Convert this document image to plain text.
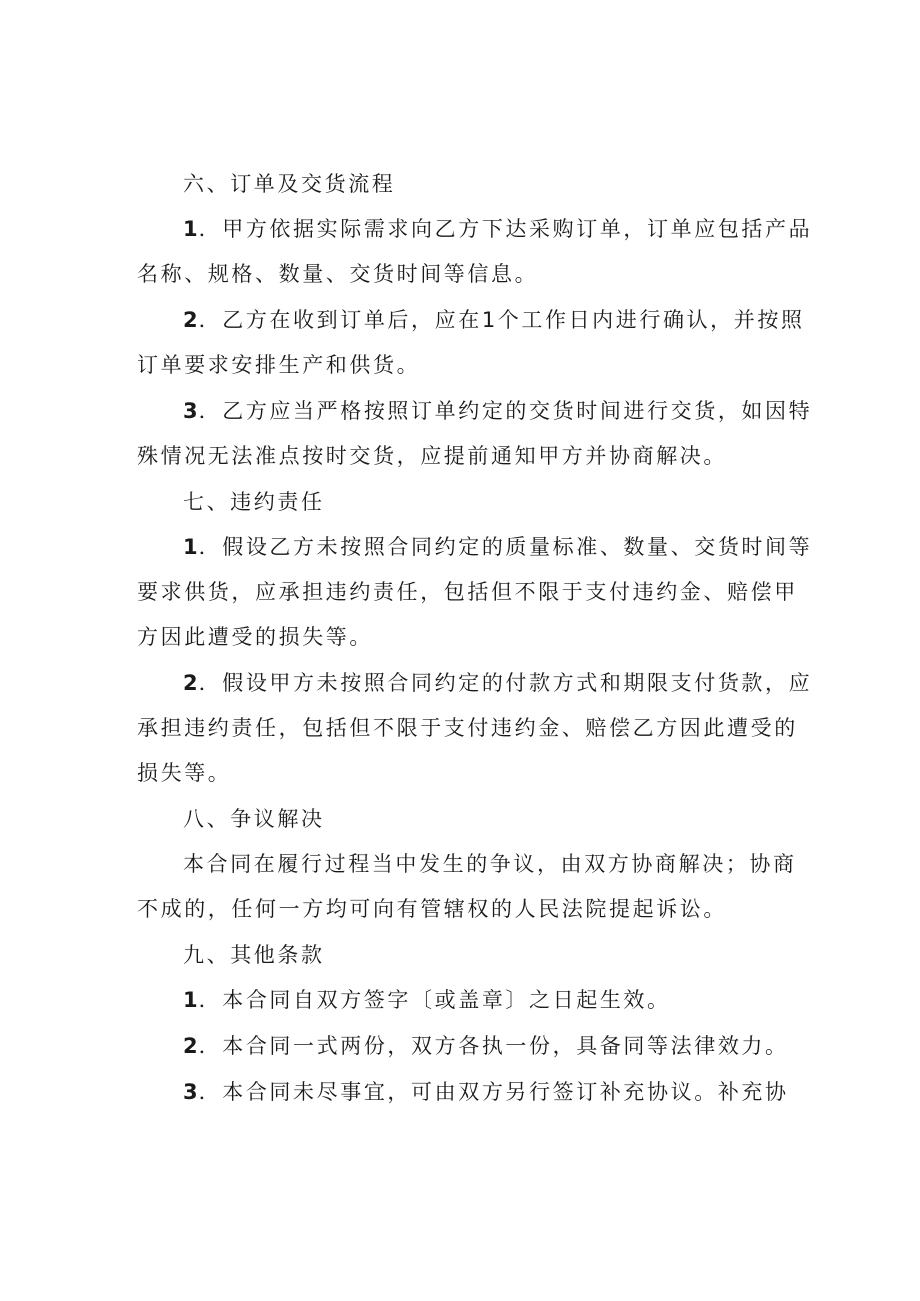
六、订单及交货流程
1．甲方依据实际需求向乙方下达采购订单，订单应包括产品
名称、规格、数量、交货时间等信息。
2．乙方在收到订单后，应在1个工作日内进行确认，并按照
订单要求安排生产和供货。
3．乙方应当严格按照订单约定的交货时间进行交货，如因特
殊情况无法准点按时交货，应提前通知甲方并协商解决。
七、违约责任
1．假设乙方未按照合同约定的质量标准、数量、交货时间等
要求供货，应承担违约责任，包括但不限于支付违约金、赔偿甲
方因此遭受的损失等。
2．假设甲方未按照合同约定的付款方式和期限支付货款，应
承担违约责任，包括但不限于支付违约金、赔偿乙方因此遭受的
损失等。
八、争议解决
本合同在履行过程当中发生的争议，由双方协商解决；协商
不成的，任何一方均可向有管辖权的人民法院提起诉讼。
九、其他条款
1．本合同自双方签字〔或盖章〕之日起生效。
2．本合同一式两份，双方各执一份，具备同等法律效力。
3．本合同未尽事宜，可由双方另行签订补充协议。补充协
